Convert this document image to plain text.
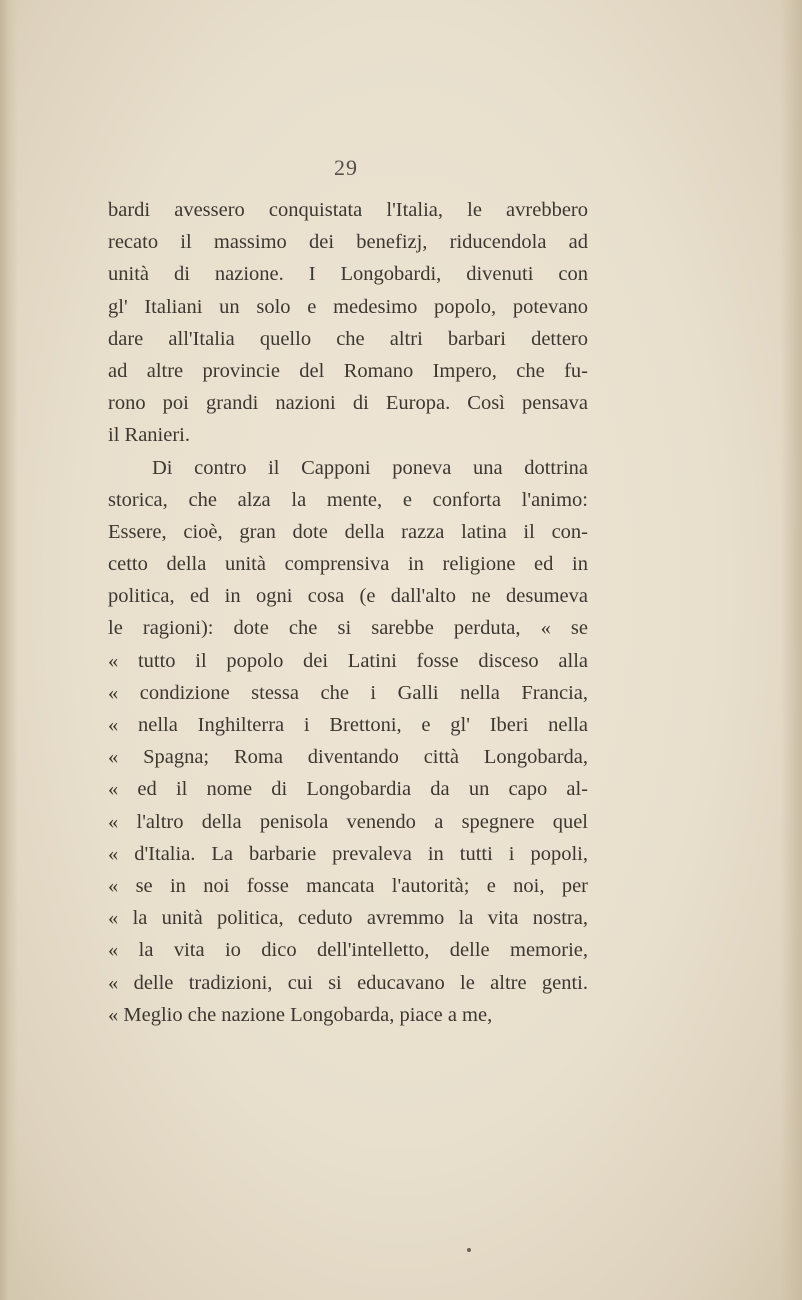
29
bardi avessero conquistata l'Italia, le avrebbero
recato il massimo dei benefizj, riducendola ad
unità di nazione. I Longobardi, divenuti con
gl' Italiani un solo e medesimo popolo, potevano
dare all'Italia quello che altri barbari dettero
ad altre provincie del Romano Impero, che fu-
rono poi grandi nazioni di Europa. Così pensava
il Ranieri.
Di contro il Capponi poneva una dottrina
storica, che alza la mente, e conforta l'animo:
Essere, cioè, gran dote della razza latina il con-
cetto della unità comprensiva in religione ed in
politica, ed in ogni cosa (e dall'alto ne desumeva
le ragioni): dote che si sarebbe perduta, « se
« tutto il popolo dei Latini fosse disceso alla
« condizione stessa che i Galli nella Francia,
« nella Inghilterra i Brettoni, e gl' Iberi nella
« Spagna; Roma diventando città Longobarda,
« ed il nome di Longobardia da un capo al-
« l'altro della penisola venendo a spegnere quel
« d'Italia. La barbarie prevaleva in tutti i popoli,
« se in noi fosse mancata l'autorità; e noi, per
« la unità politica, ceduto avremmo la vita nostra,
« la vita io dico dell'intelletto, delle memorie,
« delle tradizioni, cui si educavano le altre genti.
« Meglio che nazione Longobarda, piace a me,
